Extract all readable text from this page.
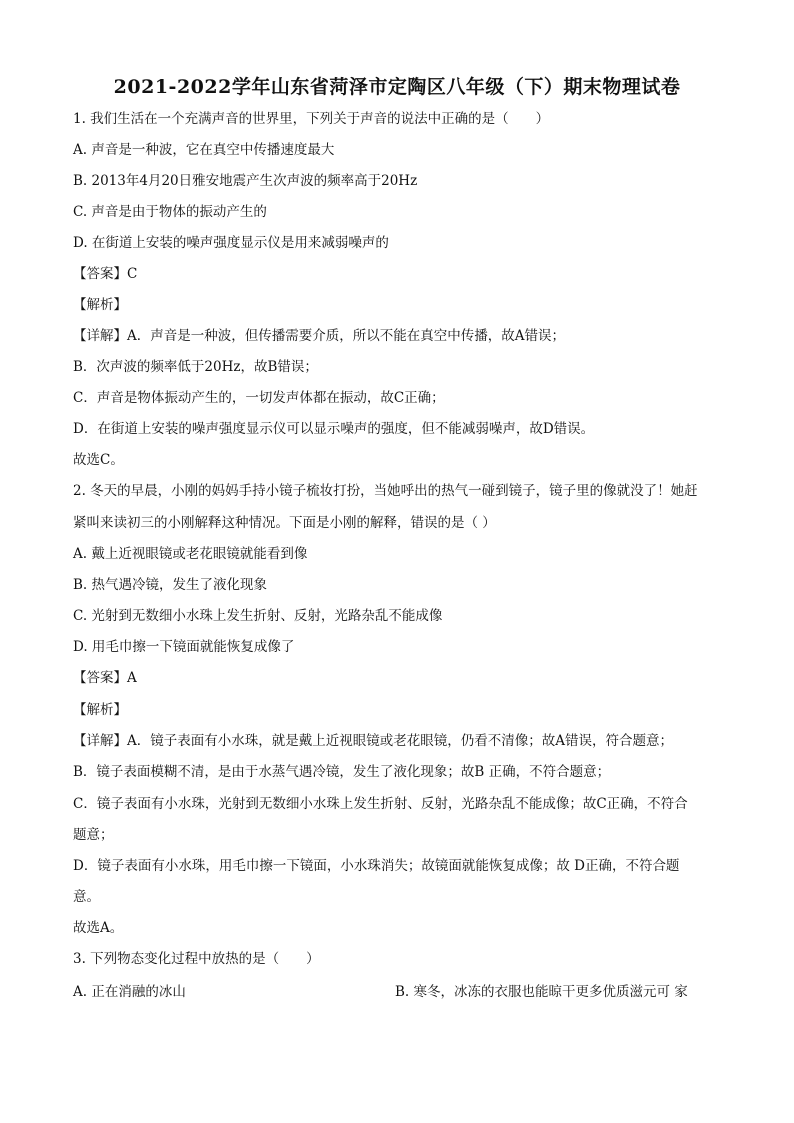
2021-2022学年山东省菏泽市定陶区八年级（下）期末物理试卷
1. 我们生活在一个充满声音的世界里，下列关于声音的说法中正确的是（　　）
A. 声音是一种波，它在真空中传播速度最大
B. 2013年4月20日雅安地震产生次声波的频率高于20Hz
C. 声音是由于物体的振动产生的
D. 在街道上安装的噪声强度显示仪是用来减弱噪声的
【答案】C
【解析】
【详解】A．声音是一种波，但传播需要介质，所以不能在真空中传播，故A错误；
B．次声波的频率低于20Hz，故B错误；
C．声音是物体振动产生的，一切发声体都在振动，故C正确；
D．在街道上安装的噪声强度显示仪可以显示噪声的强度，但不能减弱噪声，故D错误。
故选C。
2. 冬天的早晨，小刚的妈妈手持小镜子梳妆打扮，当她呼出的热气一碰到镜子，镜子里的像就没了！她赶
紧叫来读初三的小刚解释这种情况。下面是小刚的解释，错误的是（ ）
A. 戴上近视眼镜或老花眼镜就能看到像
B. 热气遇冷镜，发生了液化现象
C. 光射到无数细小水珠上发生折射、反射，光路杂乱不能成像
D. 用毛巾擦一下镜面就能恢复成像了
【答案】A
【解析】
【详解】A．镜子表面有小水珠，就是戴上近视眼镜或老花眼镜，仍看不清像；故A错误，符合题意；
B．镜子表面模糊不清，是由于水蒸气遇冷镜，发生了液化现象；故B 正确，不符合题意；
C．镜子表面有小水珠，光射到无数细小水珠上发生折射、反射，光路杂乱不能成像；故C正确，不符合
题意；
D．镜子表面有小水珠，用毛巾擦一下镜面，小水珠消失；故镜面就能恢复成像；故 D正确，不符合题
意。
故选A。
3. 下列物态变化过程中放热的是（　　）
A. 正在消融的冰山	B. 寒冬，冰冻的衣服也能晾干更多优质滋元可 家
